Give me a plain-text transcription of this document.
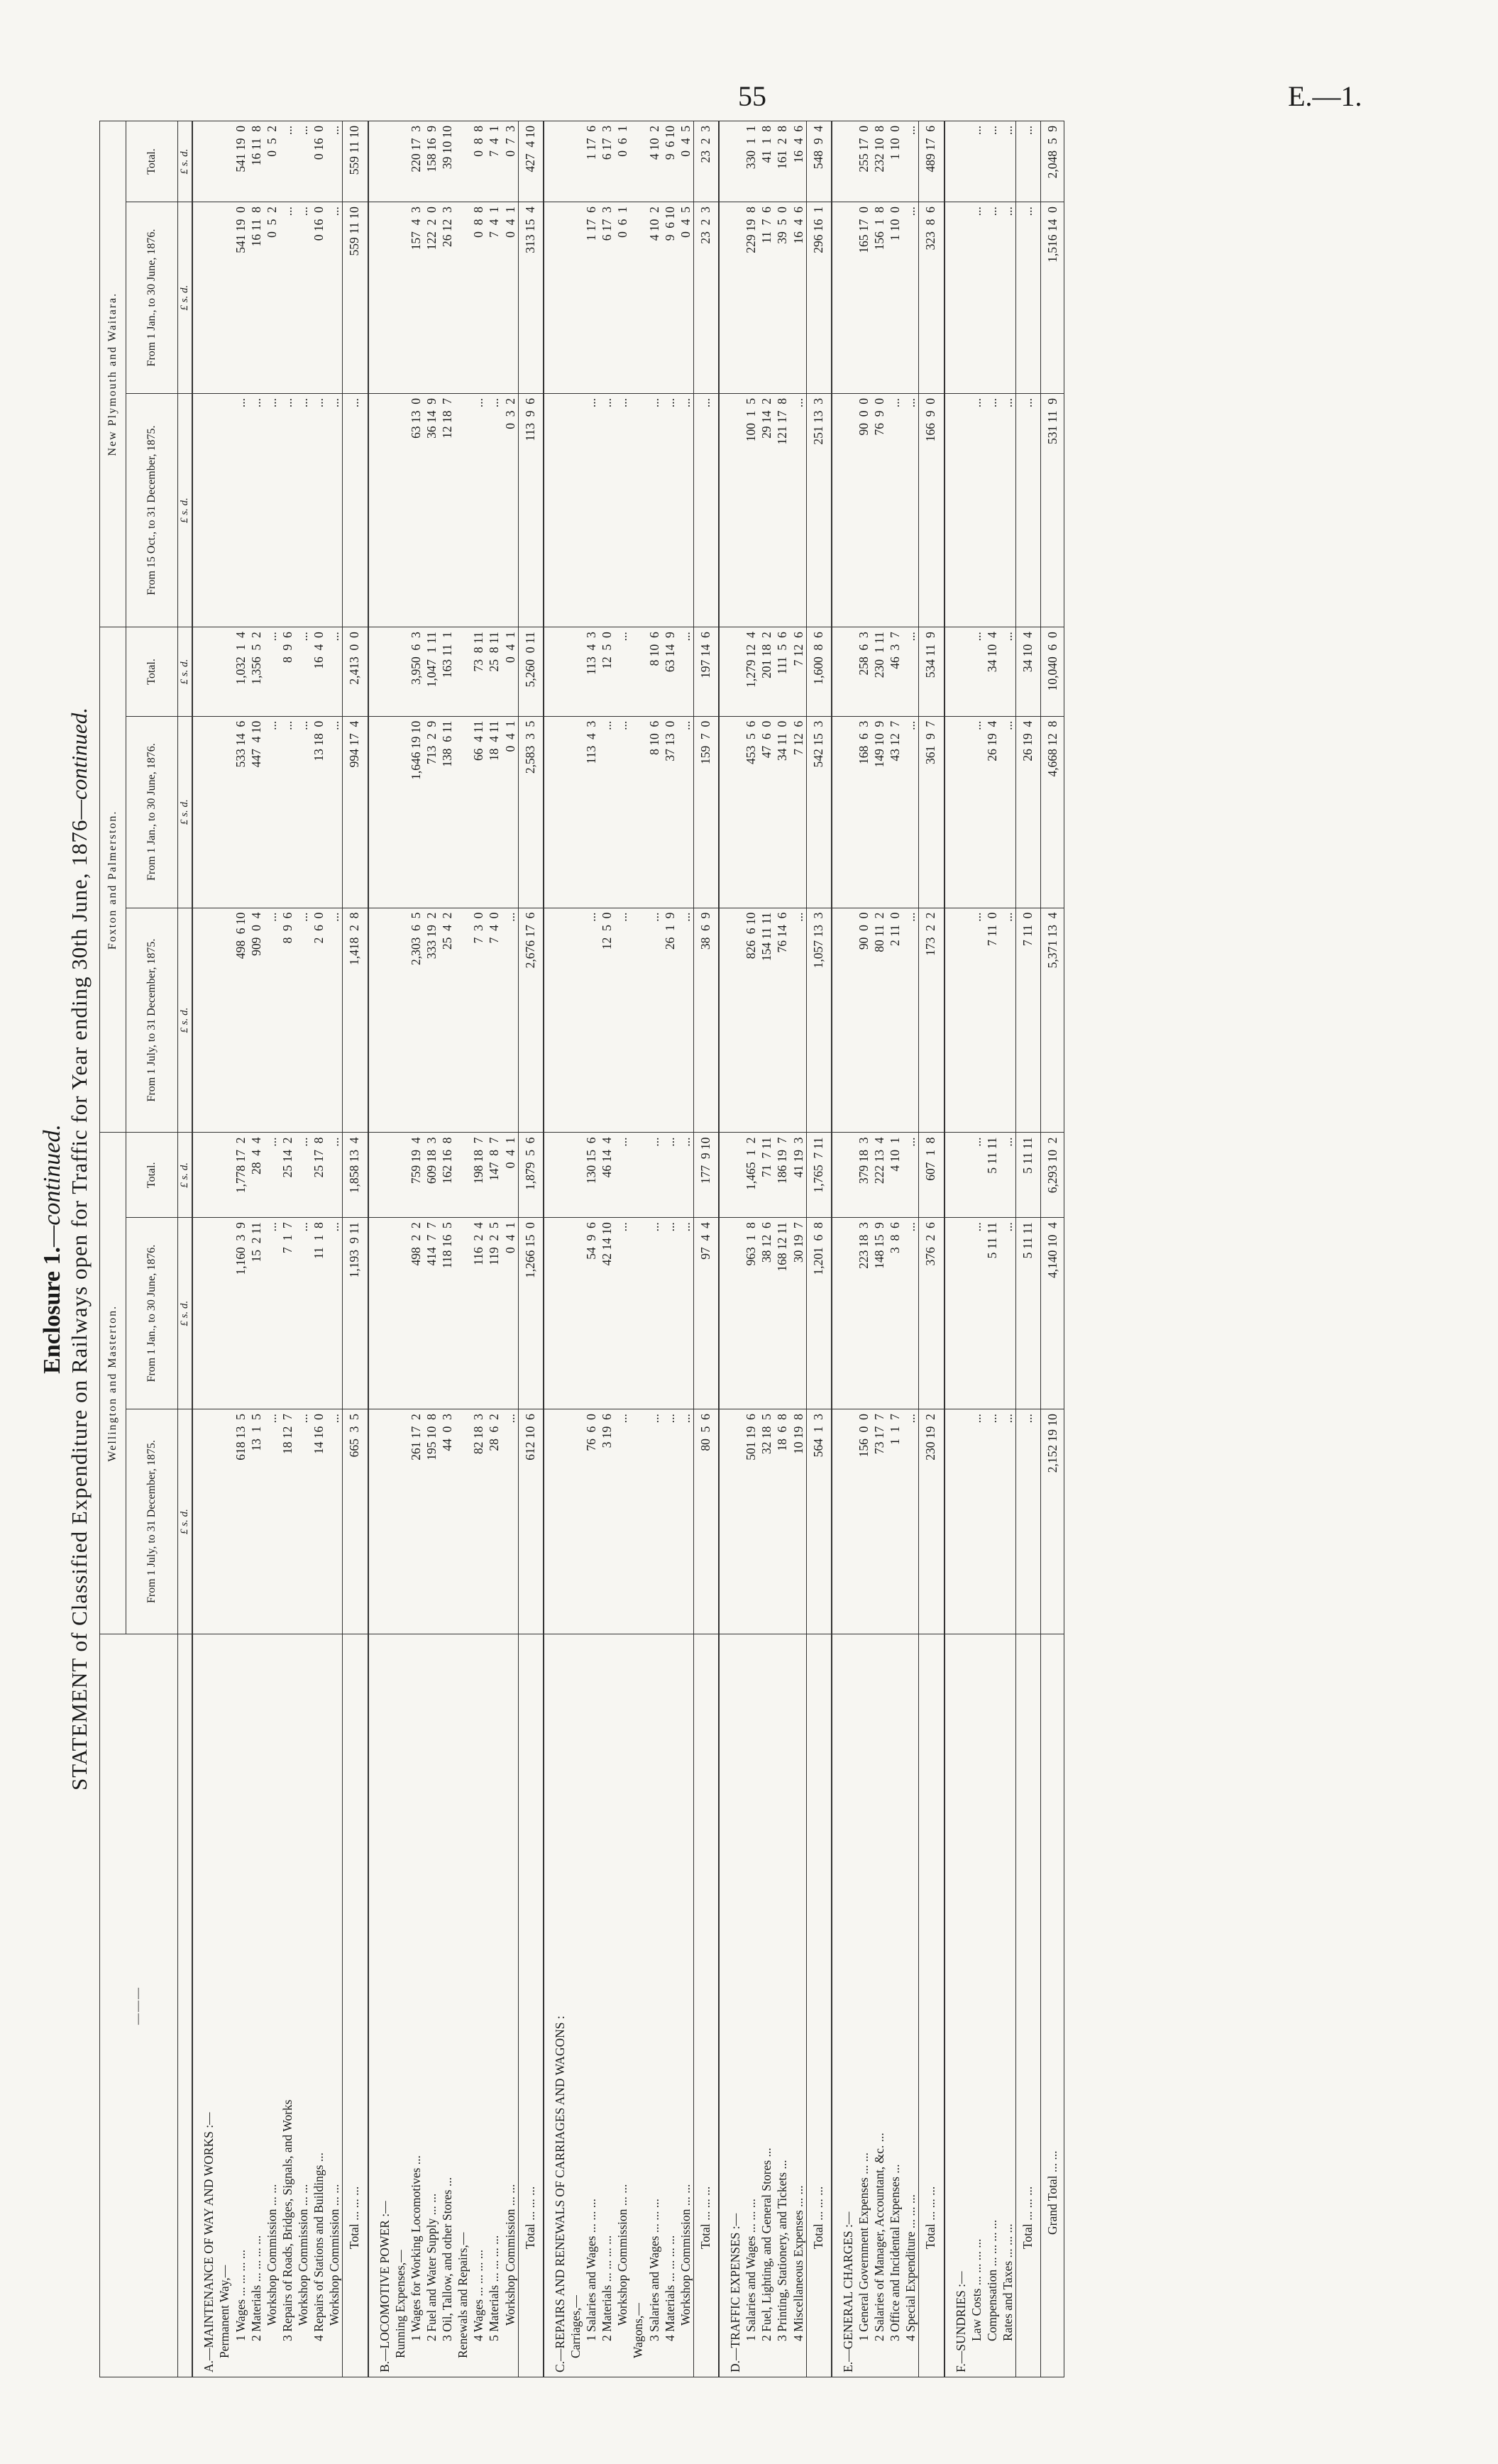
55	E.—1.
Enclosure 1.—continued. STATEMENT of Classified Expenditure on Railways open for Traffic for Year ending 30th June, 1876—continued.
———	Wellington and Masterton.			Foxton and Palmerston.			New Plymouth and Waitara.		
	From 1 July, to 31 December, 1875.	From 1 Jan., to 30 June, 1876.	Total.	From 1 July, to 31 December, 1875.	From 1 Jan., to 30 June, 1876.	Total.	From 15 Oct., to 31 December, 1875.	From 1 Jan., to 30 June, 1876.	Total.
	£ s. d.	£ s. d.	£ s. d.	£ s. d.	£ s. d.	£ s. d.	£ s. d.	£ s. d.	£ s. d.
A.—MAINTENANCE OF WAY AND WORKS :—									
Permanent Way,—									
1 Wages ... ... ... ...	618 13  5	1,160  3  9	1,778 17  2	498  6 10	533 14  6	1,032  1  4	...	541 19  0	541 19  0
2 Materials ... ... ... ...	13  1  5	15  2 11	28  4  4	909  0  4	447  4 10	1,356  5  2	...	16 11  8	16 11  8
Workshop Commission ... ...	...	...	...	...	...	...	...	0  5  2	0  5  2
3 Repairs of Roads, Bridges, Signals, and Works	18 12  7	7  1  7	25 14  2	8  9  6	...	8  9  6	...	...	...
Workshop Commission ... ...	...	...	...	...	...	...	...	...	...
4 Repairs of Stations and Buildings ...	14 16  0	11  1  8	25 17  8	2  6  0	13 18  0	16  4  0	...	0 16  0	0 16  0
Workshop Commission ... ...	...	...	...	...	...	...	...	...	...
Total ... ... ...	665  3  5	1,193  9 11	1,858 13  4	1,418  2  8	994 17  4	2,413  0  0	...	559 11 10	559 11 10
B.—LOCOMOTIVE POWER :—									
Running Expenses,—									
1 Wages for Working Locomotives ...	261 17  2	498  2  2	759 19  4	2,303  6  5	1,646 19 10	3,950  6  3	63 13  0	157  4  3	220 17  3
2 Fuel and Water Supply ... ...	195 10  8	414  7  7	609 18  3	333 19  2	713  2  9	1,047  1 11	36 14  9	122  2  0	158 16  9
3 Oil, Tallow, and other Stores ...	44  0  3	118 16  5	162 16  8	25  4  2	138  6 11	163 11  1	12 18  7	26 12  3	39 10 10
Renewals and Repairs,—									
4 Wages ... ... ... ...	82 18  3	116  2  4	198 18  7	7  3  0	66  4 11	73  8 11	...	0  8  8	0  8  8
5 Materials ... ... ... ...	28  6  2	119  2  5	147  8  7	7  4  0	18  4 11	25  8 11	...	7  4  1	7  4  1
Workshop Commission ... ...	...	0  4  1	0  4  1	...	0  4  1	0  4  1	0  3  2	0  4  1	0  7  3
Total ... ... ...	612 10  6	1,266 15  0	1,879  5  6	2,676 17  6	2,583  3  5	5,260  0 11	113  9  6	313 15  4	427  4 10
C.—REPAIRS AND RENEWALS OF CARRIAGES AND WAGONS :									
Carriages,—									
1 Salaries and Wages ... ... ...	76  6  0	54  9  6	130 15  6	...	113  4  3	113  4  3	...	1 17  6	1 17  6
2 Materials ... ... ... ...	3 19  6	42 14 10	46 14  4	12  5  0	...	12  5  0	...	6 17  3	6 17  3
Workshop Commission ... ...	...	...	...	...	...	...	...	0  6  1	0  6  1
Wagons,—									
3 Salaries and Wages ... ... ...	...	...	...	...	8 10  6	8 10  6	...	4 10  2	4 10  2
4 Materials ... ... ... ...	...	...	...	26  1  9	37 13  0	63 14  9	...	9  6 10	9  6 10
Workshop Commission ... ...	...	...	...	...	...	...	...	0  4  5	0  4  5
Total ... ... ...	80  5  6	97  4  4	177  9 10	38  6  9	159  7  0	197 14  6	...	23  2  3	23  2  3
D.—TRAFFIC EXPENSES :—									
1 Salaries and Wages ... ... ...	501 19  6	963  1  8	1,465  1  2	826  6 10	453  5  6	1,279 12  4	100  1  5	229 19  8	330  1  1
2 Fuel, Lighting, and General Stores ...	32 18  5	38 12  6	71  7 11	154 11 11	47  6  0	201 18  2	29 14  2	11  7  6	41  1  8
3 Printing, Stationery, and Tickets ...	18  6  8	168 12 11	186 19  7	76 14  6	34 11  0	111  5  6	121 17  8	39  5  0	161  2  8
4 Miscellaneous Expenses ... ...	10 19  8	30 19  7	41 19  3	...	7 12  6	7 12  6	...	16  4  6	16  4  6
Total ... ... ...	564  1  3	1,201  6  8	1,765  7 11	1,057 13  3	542 15  3	1,600  8  6	251 13  3	296 16  1	548  9  4
E.—GENERAL CHARGES :—									
1 General Government Expenses ... ...	156  0  0	223 18  3	379 18  3	90  0  0	168  6  3	258  6  3	90  0  0	165 17  0	255 17  0
2 Salaries of Manager, Accountant, &c. ...	73 17  7	148 15  9	222 13  4	80 11  2	149 10  9	230  1 11	76  9  0	156  1  8	232 10  8
3 Office and Incidental Expenses ...	1  1  7	3  8  6	4 10  1	2 11  0	43 12  7	46  3  7	...	1 10  0	1 10  0
4 Special Expenditure ... ... ...	...	...	...	...	...	...	...	...	...
Total ... ... ...	230 19  2	376  2  6	607  1  8	173  2  2	361  9  7	534 11  9	166  9  0	323  8  6	489 17  6
F.—SUNDRIES :—									
Law Costs ... ... ... ...	...	...	...	...	...	...	...	...	...
Compensation ... ... ... ...	...	5 11 11	5 11 11	7 11  0	26 19  4	34 10  4	...	...	...
Rates and Taxes ... ... ...	...	...	...	...	...	...	...	...	...
Total ... ... ...	...	5 11 11	5 11 11	7 11  0	26 19  4	34 10  4	...	...	...
Grand Total ... ...	2,152 19 10	4,140 10  4	6,293 10  2	5,371 13  4	4,668 12  8	10,040  6  0	531 11  9	1,516 14  0	2,048  5  9
